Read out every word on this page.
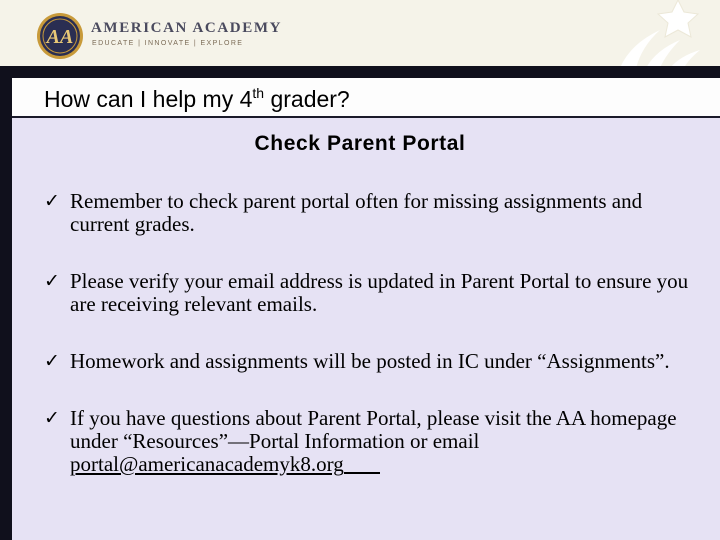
AA AMERICAN ACADEMY
EDUCATE | INNOVATE | EXPLORE
How can I help my 4th grader?
Check Parent Portal
✓ Remember to check parent portal often for missing assignments and current grades.
✓ Please verify your email address is updated in Parent Portal to ensure you are receiving relevant emails.
✓ Homework and assignments will be posted in IC under “Assignments”.
✓ If you have questions about Parent Portal, please visit the AA homepage under “Resources”—Portal Information or email  portal@americanacademyk8.org
